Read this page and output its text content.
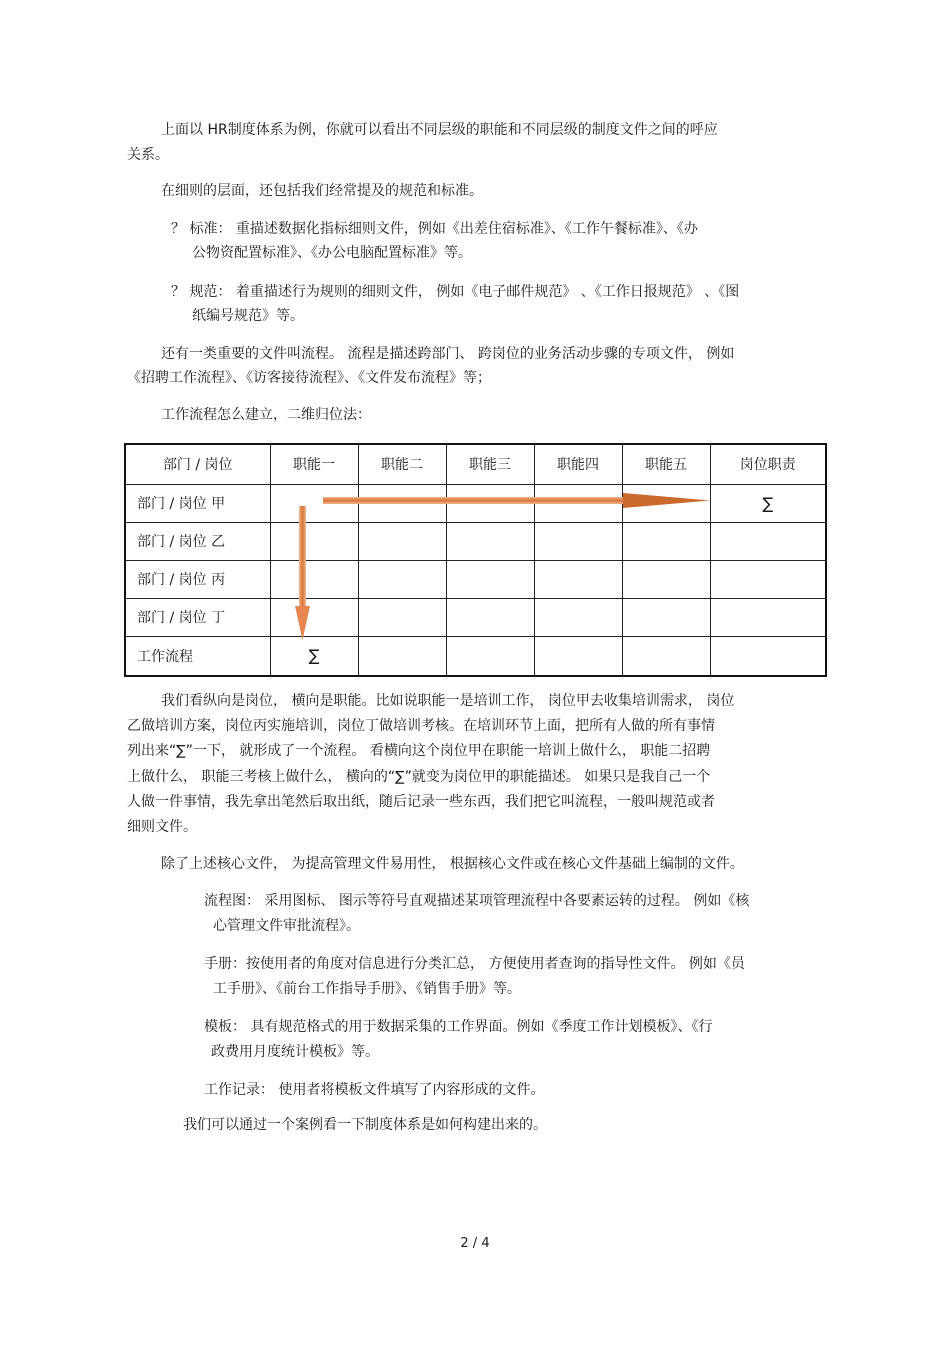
上面以 HR制度体系为例，你就可以看出不同层级的职能和不同层级的制度文件之间的呼应
关系。
在细则的层面，还包括我们经常提及的规范和标准。
？ 标准： 重描述数据化指标细则文件，例如《出差住宿标准》、《工作午餐标准》、《办
公物资配置标准》、《办公电脑配置标准》等。
？ 规范： 着重描述行为规则的细则文件， 例如《电子邮件规范》 、《工作日报规范》 、《图
纸编号规范》等。
还有一类重要的文件叫流程。 流程是描述跨部门、 跨岗位的业务活动步骤的专项文件， 例如
《招聘工作流程》、《访客接待流程》、《文件发布流程》等；
工作流程怎么建立，二维归位法：
部门 / 岗位	职能一	职能二	职能三	职能四	职能五	岗位职责
部门 / 岗位 甲						∑
部门 / 岗位 乙						
部门 / 岗位 丙						
部门 / 岗位 丁						
工作流程	∑					
我们看纵向是岗位， 横向是职能。比如说职能一是培训工作， 岗位甲去收集培训需求， 岗位
乙做培训方案，岗位丙实施培训，岗位丁做培训考核。在培训环节上面，把所有人做的所有事情
列出来“∑”一下， 就形成了一个流程。 看横向这个岗位甲在职能一培训上做什么， 职能二招聘
上做什么， 职能三考核上做什么， 横向的“∑”就变为岗位甲的职能描述。 如果只是我自己一个
人做一件事情，我先拿出笔然后取出纸，随后记录一些东西，我们把它叫流程，一般叫规范或者
细则文件。
除了上述核心文件， 为提高管理文件易用性， 根据核心文件或在核心文件基础上编制的文件。
流程图： 采用图标、 图示等符号直观描述某项管理流程中各要素运转的过程。 例如《核
心管理文件审批流程》。
手册：按使用者的角度对信息进行分类汇总， 方便使用者查询的指导性文件。 例如《员
工手册》、《前台工作指导手册》、《销售手册》等。
模板： 具有规范格式的用于数据采集的工作界面。例如《季度工作计划模板》、《行
政费用月度统计模板》等。
工作记录： 使用者将模板文件填写了内容形成的文件。
我们可以通过一个案例看一下制度体系是如何构建出来的。
2 / 4
